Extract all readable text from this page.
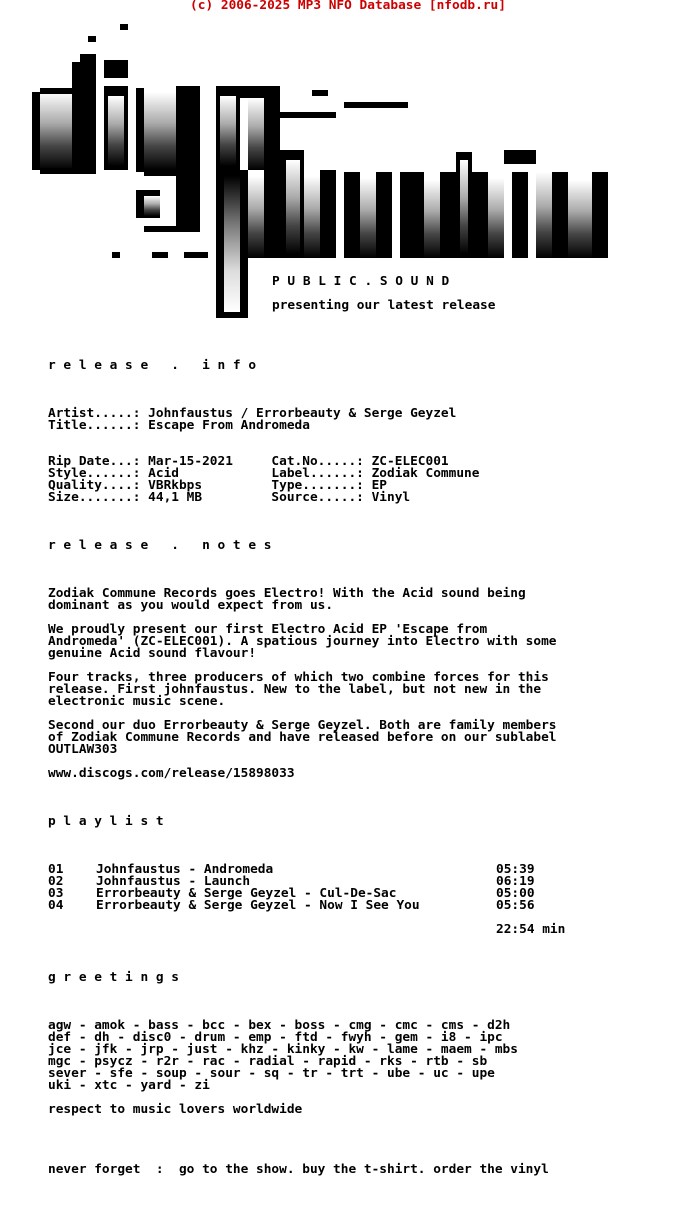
(c) 2006-2025 MP3 NFO Database [nfodb.ru]
P U B L I C . S O U N D
presenting our latest release
r e l e a s e   .   i n f o
Artist.....: Johnfaustus / Errorbeauty & Serge Geyzel
Title......: Escape From Andromeda
Rip Date...: Mar-15-2021     Cat.No.....: ZC-ELEC001
Style......: Acid            Label......: Zodiak Commune
Quality....: VBRkbps         Type.......: EP
Size.......: 44,1 MB         Source.....: Vinyl
r e l e a s e   .   n o t e s
Zodiak Commune Records goes Electro! With the Acid sound being
dominant as you would expect from us.
We proudly present our first Electro Acid EP 'Escape from
Andromeda' (ZC-ELEC001). A spatious journey into Electro with some
genuine Acid sound flavour!
Four tracks, three producers of which two combine forces for this
release. First johnfaustus. New to the label, but not new in the
electronic music scene.
Second our duo Errorbeauty & Serge Geyzel. Both are family members
of Zodiak Commune Records and have released before on our sublabel
OUTLAW303
www.discogs.com/release/15898033
p l a y l i s t
01	Johnfaustus - Andromeda	05:39
02	Johnfaustus - Launch	06:19
03	Errorbeauty & Serge Geyzel - Cul-De-Sac	05:00
04	Errorbeauty & Serge Geyzel - Now I See You	05:56
22:54 min
g r e e t i n g s
agw - amok - bass - bcc - bex - boss - cmg - cmc - cms - d2h
def - dh - disc0 - drum - emp - ftd - fwyh - gem - i8 - ipc
jce - jfk - jrp - just - khz - kinky - kw - lame - maem - mbs
mgc - psycz - r2r - rac - radial - rapid - rks - rtb - sb
sever - sfe - soup - sour - sq - tr - trt - ube - uc - upe
uki - xtc - yard - zi
respect to music lovers worldwide
never forget  :  go to the show. buy the t-shirt. order the vinyl
